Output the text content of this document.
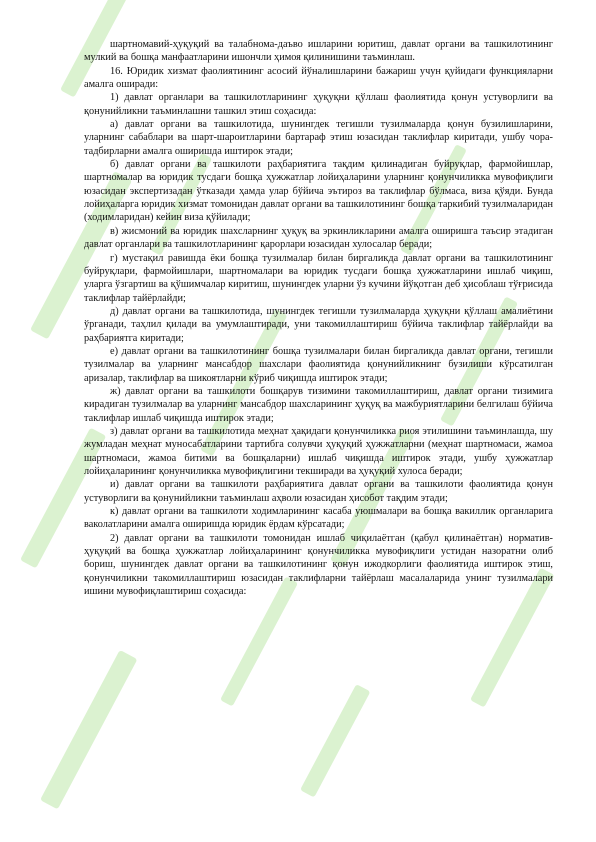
шартномавий-ҳуқуқий ва талабнома-даъво ишларини юритиш, давлат органи ва ташкилотининг мулкий ва бошқа манфаатларини ишончли ҳимоя қилинишини таъминлаш.

16. Юридик хизмат фаолиятининг асосий йўналишларини бажариш учун қуйидаги функцияларни амалга оширади:

1) давлат органлари ва ташкилотларининг ҳуқуқни қўллаш фаолиятида қонун устуворлиги ва қонунийликни таъминлашни ташкил этиш соҳасида:

а) давлат органи ва ташкилотида, шунингдек тегишли тузилмаларда қонун бузилишларини, уларнинг сабаблари ва шарт-шароитларини бартараф этиш юзасидан таклифлар киритади, ушбу чора-тадбирларни амалга оширишда иштирок этади;

б) давлат органи ва ташкилоти раҳбариятига тақдим қилинадиган буйруқлар, фармойишлар, шартномалар ва юридик тусдаги бошқа ҳужжатлар лойиҳаларини уларнинг қонунчиликка мувофиқлиги юзасидан экспертизадан ўтказади ҳамда улар бўйича эътироз ва таклифлар бўлмаса, виза қўяди. Бунда лойиҳаларга юридик хизмат томонидан давлат органи ва ташкилотининг бошқа таркибий тузилмаларидан (ходимларидан) кейин виза қўйилади;

в) жисмоний ва юридик шахсларнинг ҳуқуқ ва эркинликларини амалга оширишга таъсир этадиган давлат органлари ва ташкилотларининг қарорлари юзасидан хулосалар беради;

г) мустақил равишда ёки бошқа тузилмалар билан биргаликда давлат органи ва ташкилотининг буйруқлари, фармойишлари, шартномалари ва юридик тусдаги бошқа ҳужжатларини ишлаб чиқиш, уларга ўзгартиш ва қўшимчалар киритиш, шунингдек уларни ўз кучини йўқотган деб ҳисоблаш тўғрисида таклифлар тайёрлайди;

д) давлат органи ва ташкилотида, шунингдек тегишли тузилмаларда ҳуқуқни қўллаш амалиётини ўрганади, таҳлил қилади ва умумлаштиради, уни такомиллаштириш бўйича таклифлар тайёрлайди ва раҳбариятга киритади;

е) давлат органи ва ташкилотининг бошқа тузилмалари билан биргаликда давлат органи, тегишли тузилмалар ва уларнинг мансабдор шахслари фаолиятида қонунийликнинг бузилиши кўрсатилган аризалар, таклифлар ва шикоятларни кўриб чиқишда иштирок этади;

ж) давлат органи ва ташкилоти бошқарув тизимини такомиллаштириш, давлат органи тизимига кирадиган тузилмалар ва уларнинг мансабдор шахсларининг ҳуқуқ ва мажбуриятларини белгилаш бўйича таклифлар ишлаб чиқишда иштирок этади;

з) давлат органи ва ташкилотида меҳнат ҳақидаги қонунчиликка риоя этилишини таъминлашда, шу жумладан меҳнат муносабатларини тартибга солувчи ҳуқуқий ҳужжатларни (меҳнат шартномаси, жамоа шартномаси, жамоа битими ва бошқаларни) ишлаб чиқишда иштирок этади, ушбу ҳужжатлар лойиҳаларининг қонунчиликка мувофиқлигини текширади ва ҳуқуқий хулоса беради;

и) давлат органи ва ташкилоти раҳбариятига давлат органи ва ташкилоти фаолиятида қонун устуворлиги ва қонунийликни таъминлаш аҳволи юзасидан ҳисобот тақдим этади;

к) давлат органи ва ташкилоти ходимларининг касаба уюшмалари ва бошқа вакиллик органларига ваколатларини амалга оширишда юридик ёрдам кўрсатади;

2) давлат органи ва ташкилоти томонидан ишлаб чиқилаётган (қабул қилинаётган) норматив-ҳуқуқий ва бошқа ҳужжатлар лойиҳаларининг қонунчиликка мувофиқлиги устидан назоратни олиб бориш, шунингдек давлат органи ва ташкилотининг қонун ижодкорлиги фаолиятида иштирок этиш, қонунчиликни такомиллаштириш юзасидан таклифларни тайёрлаш масалаларида унинг тузилмалари ишини мувофиқлаштириш соҳасида:
